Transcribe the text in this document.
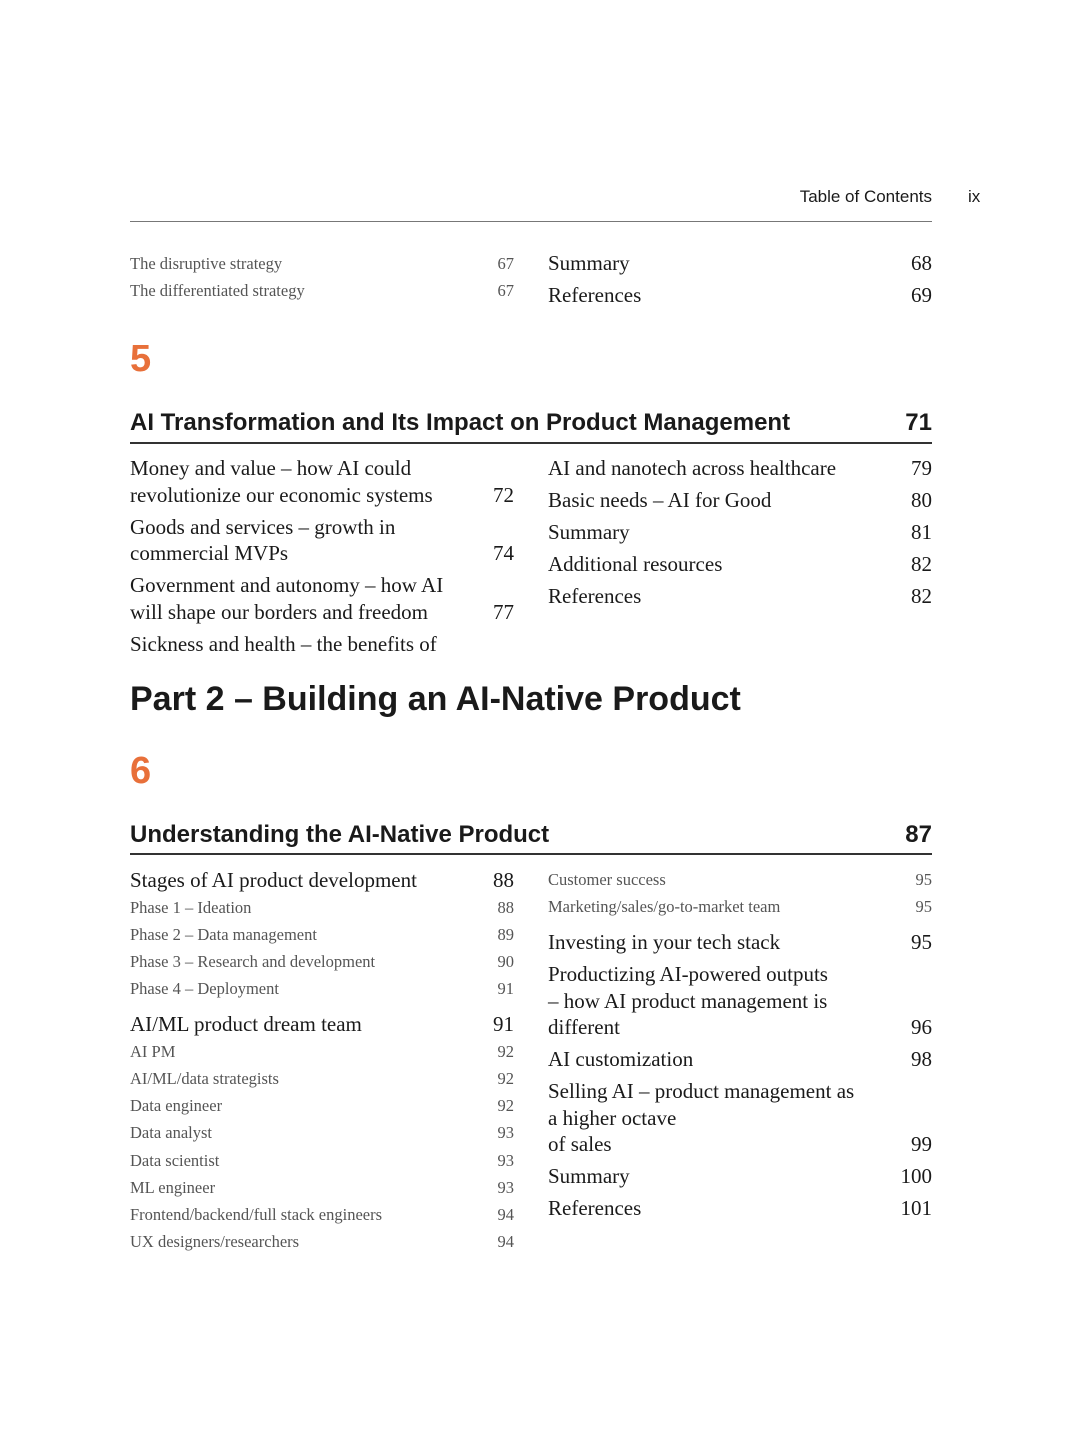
Table of Contents ix
The disruptive strategy	67
The differentiated strategy	67
Summary	68
References	69
5
AI Transformation and Its Impact on Product Management	71
Money and value – how AI could
revolutionize our economic systems	72
Goods and services – growth in
commercial MVPs	74
Government and autonomy – how AI
will shape our borders and freedom	77
Sickness and health – the benefits of
AI and nanotech across healthcare	79
Basic needs – AI for Good	80
Summary	81
Additional resources	82
References	82
Part 2 – Building an AI-Native Product
6
Understanding the AI-Native Product	87
Stages of AI product development	88
Phase 1 – Ideation	88
Phase 2 – Data management	89
Phase 3 – Research and development	90
Phase 4 – Deployment	91
AI/ML product dream team	91
AI PM	92
AI/ML/data strategists	92
Data engineer	92
Data analyst	93
Data scientist	93
ML engineer	93
Frontend/backend/full stack engineers	94
UX designers/researchers	94
Customer success	95
Marketing/sales/go-to-market team	95
Investing in your tech stack	95
Productizing AI-powered outputs
– how AI product management is
different	96
AI customization	98
Selling AI – product management as
a higher octave
of sales	99
Summary	100
References	101
